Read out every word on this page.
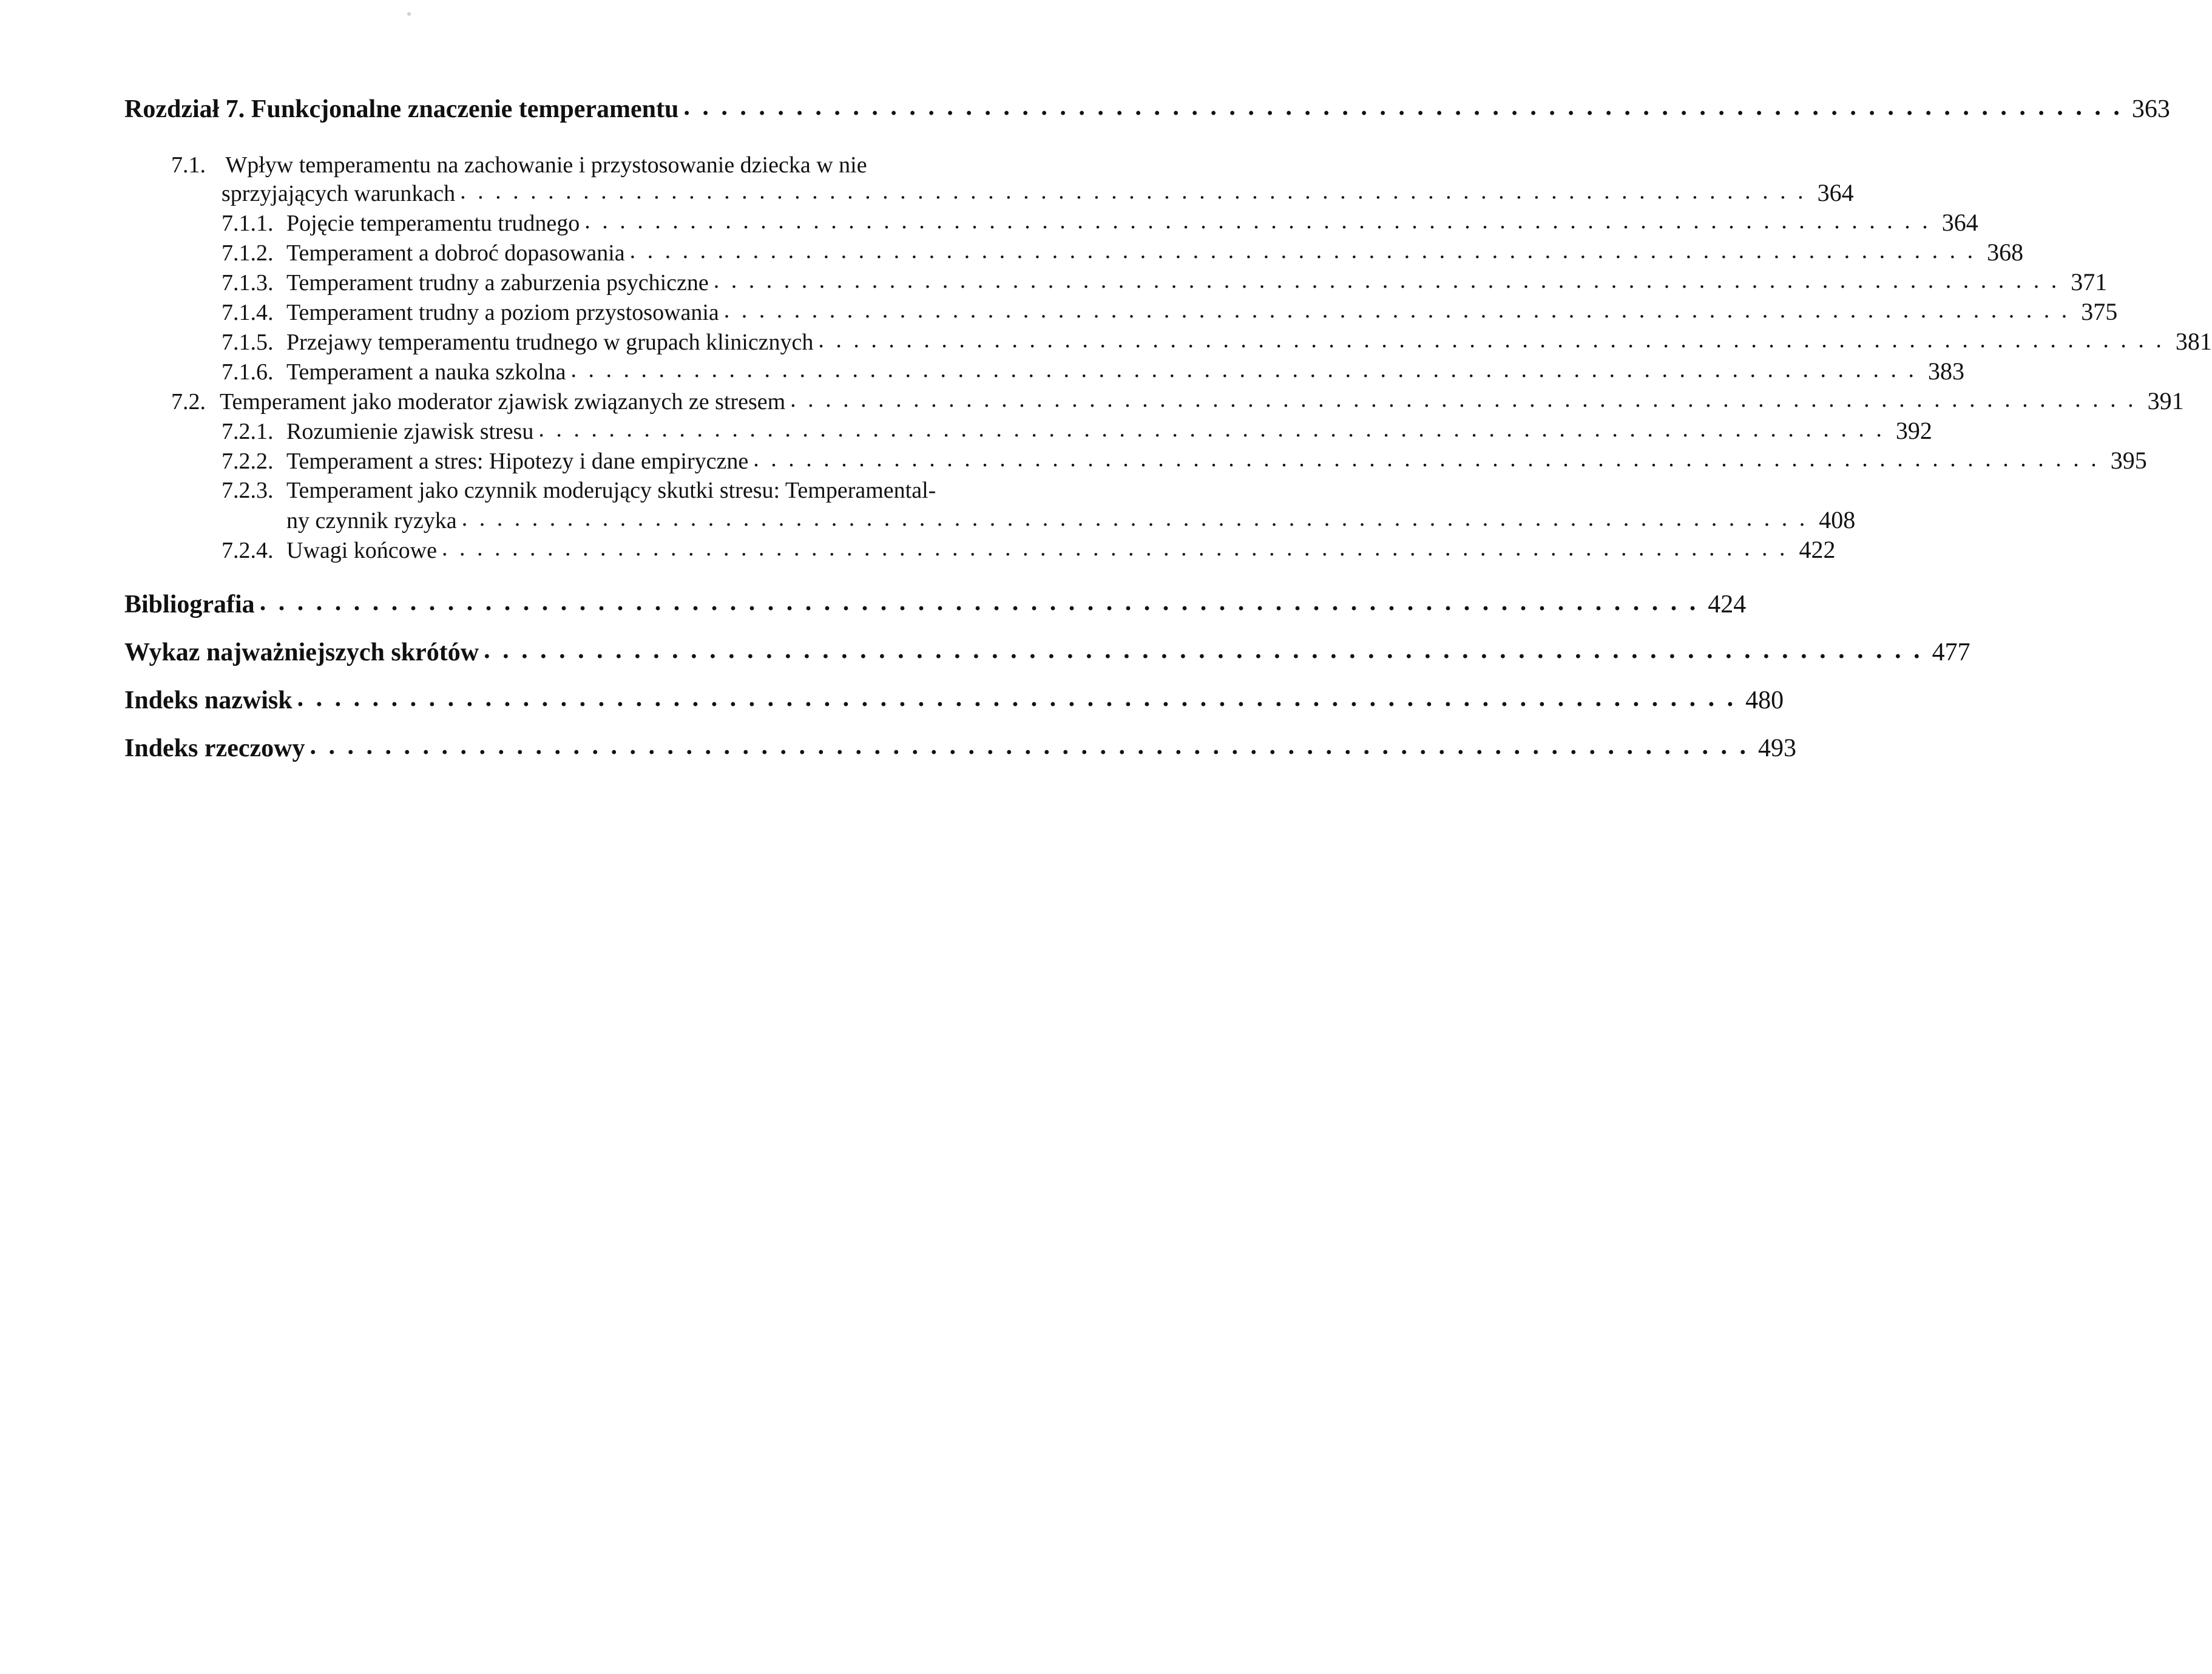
Rozdział 7. Funkcjonalne znaczenie temperamentu . . .	363
7.1. Wpływ temperamentu na zachowanie i przystosowanie dziecka w nie
sprzyjających warunkach . . .	364
7.1.1. Pojęcie temperamentu trudnego . . .	364
7.1.2. Temperament a dobroć dopasowania . . .	368
7.1.3. Temperament trudny a zaburzenia psychiczne . . .	371
7.1.4. Temperament trudny a poziom przystosowania . . .	375
7.1.5. Przejawy temperamentu trudnego w grupach klinicznych . . .	381
7.1.6. Temperament a nauka szkolna . . .	383
7.2. Temperament jako moderator zjawisk związanych ze stresem . . .	391
7.2.1. Rozumienie zjawisk stresu . . .	392
7.2.2. Temperament a stres: Hipotezy i dane empiryczne . . .	395
7.2.3. Temperament jako czynnik moderujący skutki stresu: Temperamental-
ny czynnik ryzyka . . .	408
7.2.4. Uwagi końcowe . . .	422
Bibliografia . . .	424
Wykaz najważniejszych skrótów . . .	477
Indeks nazwisk . . .	480
Indeks rzeczowy . . .	493
